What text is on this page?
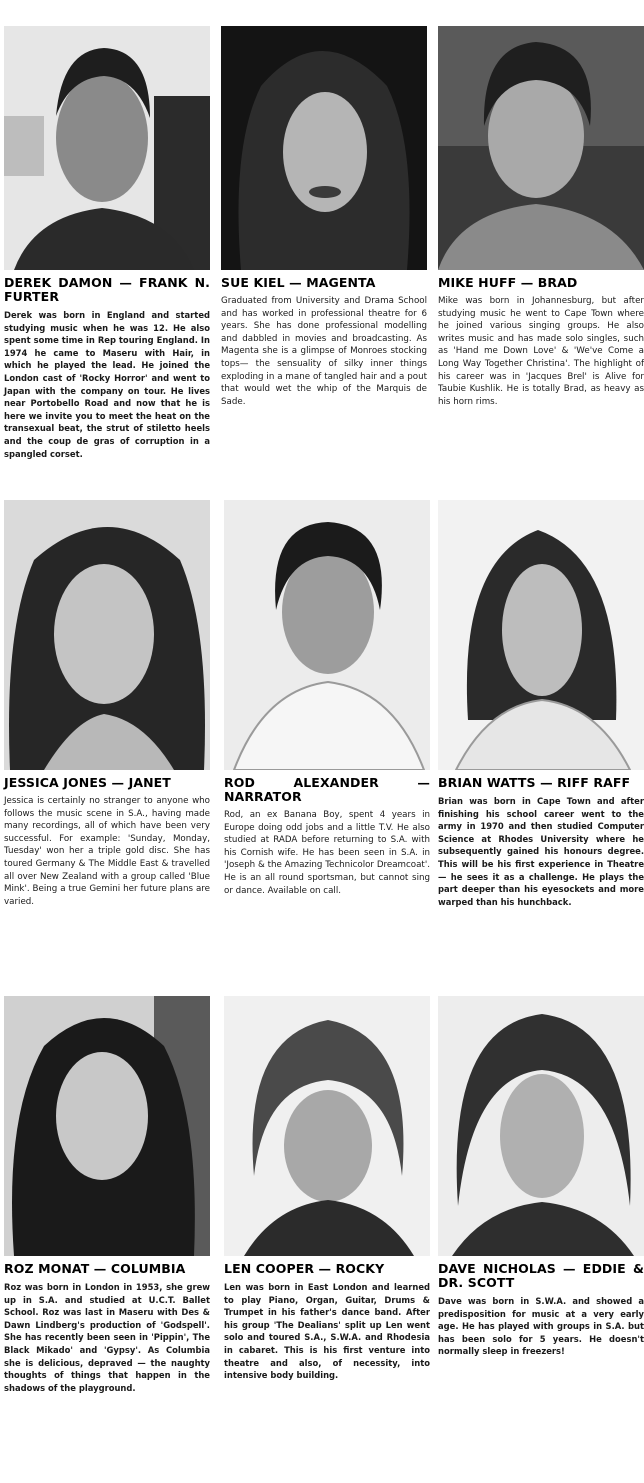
DEREK DAMON — FRANK N. FURTER
Derek was born in England and started studying music when he was 12. He also spent some time in Rep touring England. In 1974 he came to Maseru with Hair, in which he played the lead. He joined the London cast of 'Rocky Horror' and went to Japan with the company on tour. He lives near Portobello Road and now that he is here we invite you to meet the heat on the transexual beat, the strut of stiletto heels and the coup de gras of corruption in a spangled corset.
SUE KIEL — MAGENTA
Graduated from University and Drama School and has worked in professional theatre for 6 years. She has done professional modelling and dabbled in movies and broadcasting. As Magenta she is a glimpse of Monroes stocking tops— the sensuality of silky inner things exploding in a mane of tangled hair and a pout that would wet the whip of the Marquis de Sade.
MIKE HUFF — BRAD
Mike was born in Johannesburg, but after studying music he went to Cape Town where he joined various singing groups. He also writes music and has made solo singles, such as 'Hand me Down Love' & 'We've Come a Long Way Together Christina'. The highlight of his career was in 'Jacques Brel' is Alive for Taubie Kushlik. He is totally Brad, as heavy as his horn rims.
JESSICA JONES — JANET
Jessica is certainly no stranger to anyone who follows the music scene in S.A., having made many recordings, all of which have been very successful. For example: 'Sunday, Monday, Tuesday' won her a triple gold disc. She has toured Germany & The Middle East & travelled all over New Zealand with a group called 'Blue Mink'. Being a true Gemini her future plans are varied.
ROD ALEXANDER — NARRATOR
Rod, an ex Banana Boy, spent 4 years in Europe doing odd jobs and a little T.V. He also studied at RADA before returning to S.A. with his Cornish wife. He has been seen in S.A. in 'Joseph & the Amazing Technicolor Dreamcoat'. He is an all round sportsman, but cannot sing or dance. Available on call.
BRIAN WATTS — RIFF RAFF
Brian was born in Cape Town and after finishing his school career went to the army in 1970 and then studied Computer Science at Rhodes University where he subsequently gained his honours degree. This will be his first experience in Theatre — he sees it as a challenge. He plays the part deeper than his eyesockets and more warped than his hunchback.
ROZ MONAT — COLUMBIA
Roz was born in London in 1953, she grew up in S.A. and studied at U.C.T. Ballet School. Roz was last in Maseru with Des & Dawn Lindberg's production of 'Godspell'. She has recently been seen in 'Pippin', The Black Mikado' and 'Gypsy'. As Columbia she is delicious, depraved — the naughty thoughts of things that happen in the shadows of the playground.
LEN COOPER — ROCKY
Len was born in East London and learned to play Piano, Organ, Guitar, Drums & Trumpet in his father's dance band. After his group 'The Dealians' split up Len went solo and toured S.A., S.W.A. and Rhodesia in cabaret. This is his first venture into theatre and also, of necessity, into intensive body building.
DAVE NICHOLAS — EDDIE & DR. SCOTT
Dave was born in S.W.A. and showed a predisposition for music at a very early age. He has played with groups in S.A. but has been solo for 5 years. He doesn't normally sleep in freezers!
